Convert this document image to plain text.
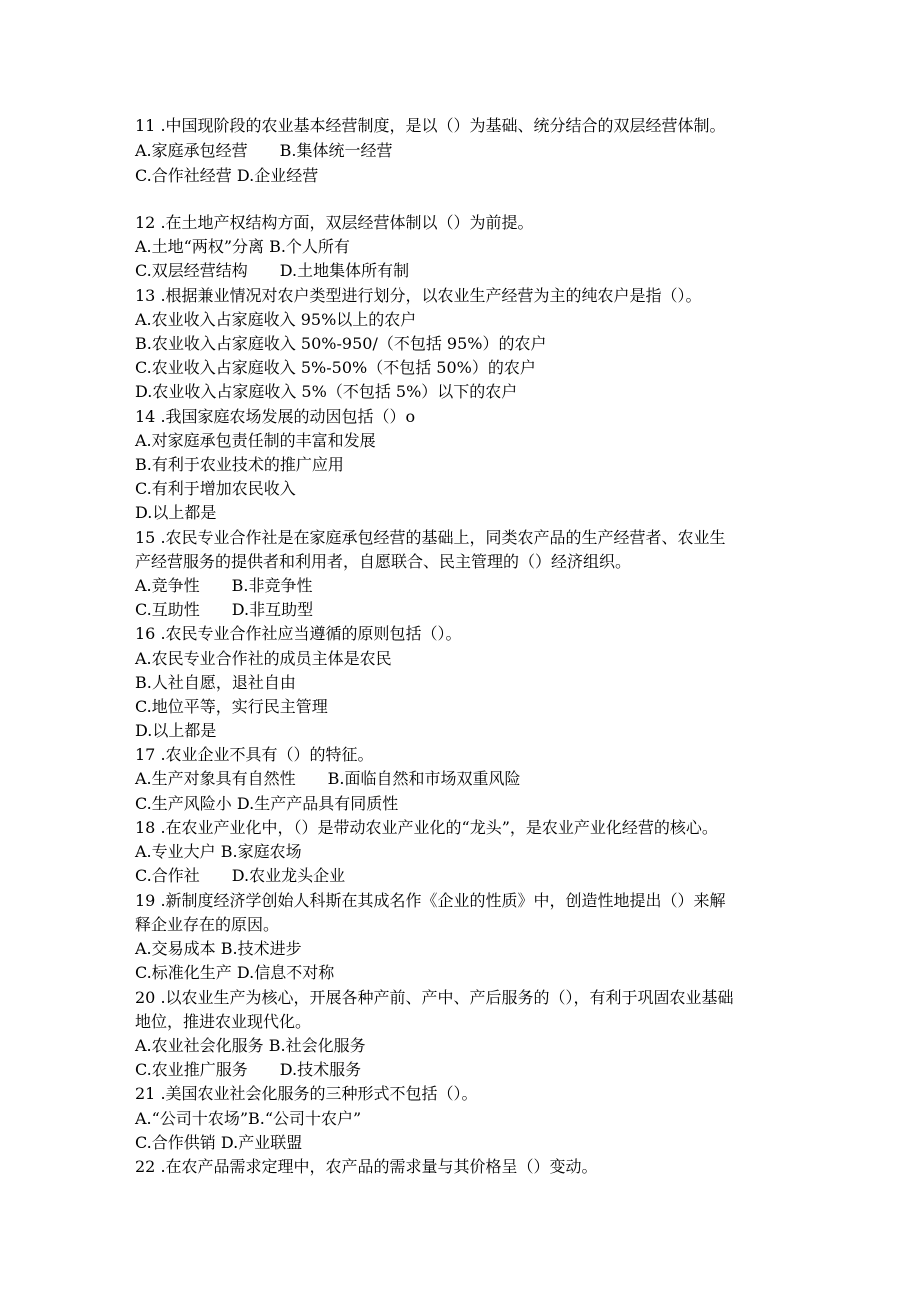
11 .中国现阶段的农业基本经营制度，是以（）为基础、统分结合的双层经营体制。
A.家庭承包经营　　B.集体统一经营
C.合作社经营 D.企业经营
12 .在土地产权结构方面，双层经营体制以（）为前提。
A.土地“两权”分离 B.个人所有
C.双层经营结构　　D.土地集体所有制
13 .根据兼业情况对农户类型进行划分，以农业生产经营为主的纯农户是指（）。
A.农业收入占家庭收入 95%以上的农户
B.农业收入占家庭收入 50%-950/（不包括 95%）的农户
C.农业收入占家庭收入 5%-50%（不包括 50%）的农户
D.农业收入占家庭收入 5%（不包括 5%）以下的农户
14 .我国家庭农场发展的动因包括（）o
A.对家庭承包责任制的丰富和发展
B.有利于农业技术的推广应用
C.有利于增加农民收入
D.以上都是
15 .农民专业合作社是在家庭承包经营的基础上，同类农产品的生产经营者、农业生
产经营服务的提供者和利用者，自愿联合、民主管理的（）经济组织。
A.竞争性　　B.非竞争性
C.互助性　　D.非互助型
16 .农民专业合作社应当遵循的原则包括（）。
A.农民专业合作社的成员主体是农民
B.人社自愿，退社自由
C.地位平等，实行民主管理
D.以上都是
17 .农业企业不具有（）的特征。
A.生产对象具有自然性　　B.面临自然和市场双重风险
C.生产风险小 D.生产产品具有同质性
18 .在农业产业化中，（）是带动农业产业化的“龙头”，是农业产业化经营的核心。
A.专业大户 B.家庭农场
C.合作社　　D.农业龙头企业
19 .新制度经济学创始人科斯在其成名作《企业的性质》中，创造性地提出（）来解
释企业存在的原因。
A.交易成本 B.技术进步
C.标准化生产 D.信息不对称
20 .以农业生产为核心，开展各种产前、产中、产后服务的（），有利于巩固农业基础
地位，推进农业现代化。
A.农业社会化服务 B.社会化服务
C.农业推广服务　　D.技术服务
21 .美国农业社会化服务的三种形式不包括（）。
A.“公司十农场”B.“公司十农户”
C.合作供销 D.产业联盟
22 .在农产品需求定理中，农产品的需求量与其价格呈（）变动。
